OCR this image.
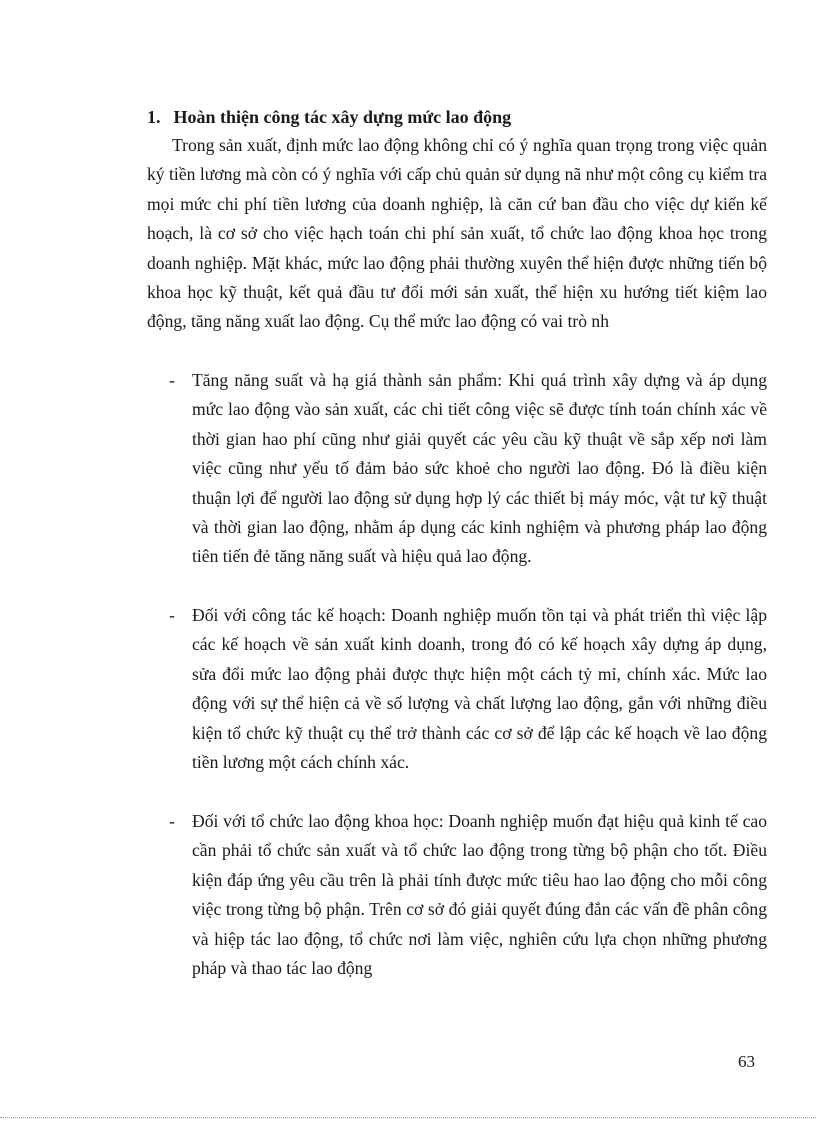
1. Hoàn thiện công tác xây dựng mức lao động

Trong sản xuất, định mức lao động không chỉ có ý nghĩa quan trọng trong việc quản ký tiền lương mà còn có ý nghĩa với cấp chủ quản sử dụng nã như một công cụ kiểm tra mọi mức chi phí tiền lương của doanh nghiệp, là căn cứ ban đầu cho việc dự kiến kế hoạch, là cơ sở cho việc hạch toán chi phí sản xuất, tổ chức lao động khoa học trong doanh nghiệp. Mặt khác, mức lao động phải thường xuyên thể hiện được những tiến bộ khoa học kỹ thuật, kết quả đầu tư đổi mới sản xuất, thể hiện xu hướng tiết kiệm lao động, tăng năng xuất lao động. Cụ thể mức lao động có vai trò nh

- Tăng năng suất và hạ giá thành sản phẩm: Khi quá trình xây dựng và áp dụng mức lao động vào sản xuất, các chi tiết công việc sẽ được tính toán chính xác về thời gian hao phí cũng như giải quyết các yêu cầu kỹ thuật về sắp xếp nơi làm việc cũng như yếu tố đảm bảo sức khoẻ cho người lao động. Đó là điều kiện thuận lợi để người lao động sử dụng hợp lý các thiết bị máy móc, vật tư kỹ thuật và thời gian lao động, nhằm áp dụng các kinh nghiệm và phương pháp lao động tiên tiến đẻ tăng năng suất và hiệu quả lao động.
- Đối với công tác kế hoạch: Doanh nghiệp muốn tồn tại và phát triển thì việc lập các kế hoạch về sản xuất kinh doanh, trong đó có kế hoạch xây dựng áp dụng, sửa đổi mức lao động phải được thực hiện một cách tỷ mỉ, chính xác. Mức lao động với sự thể hiện cả về số lượng và chất lượng lao động, gắn với những điều kiện tổ chức kỹ thuật cụ thể trở thành các cơ sở để lập các kế hoạch về lao động tiền lương một cách chính xác.
- Đối với tổ chức lao động khoa học: Doanh nghiệp muốn đạt hiệu quả kinh tế cao cần phải tổ chức sản xuất và tổ chức lao động trong từng bộ phận cho tốt. Điều kiện đáp ứng yêu cầu trên là phải tính được mức tiêu hao lao động cho mỗi công việc trong từng bộ phận. Trên cơ sở đó giải quyết đúng đắn các vấn đề phân công và hiệp tác lao động, tổ chức nơi làm việc, nghiên cứu lựa chọn những phương pháp và thao tác lao động
63
